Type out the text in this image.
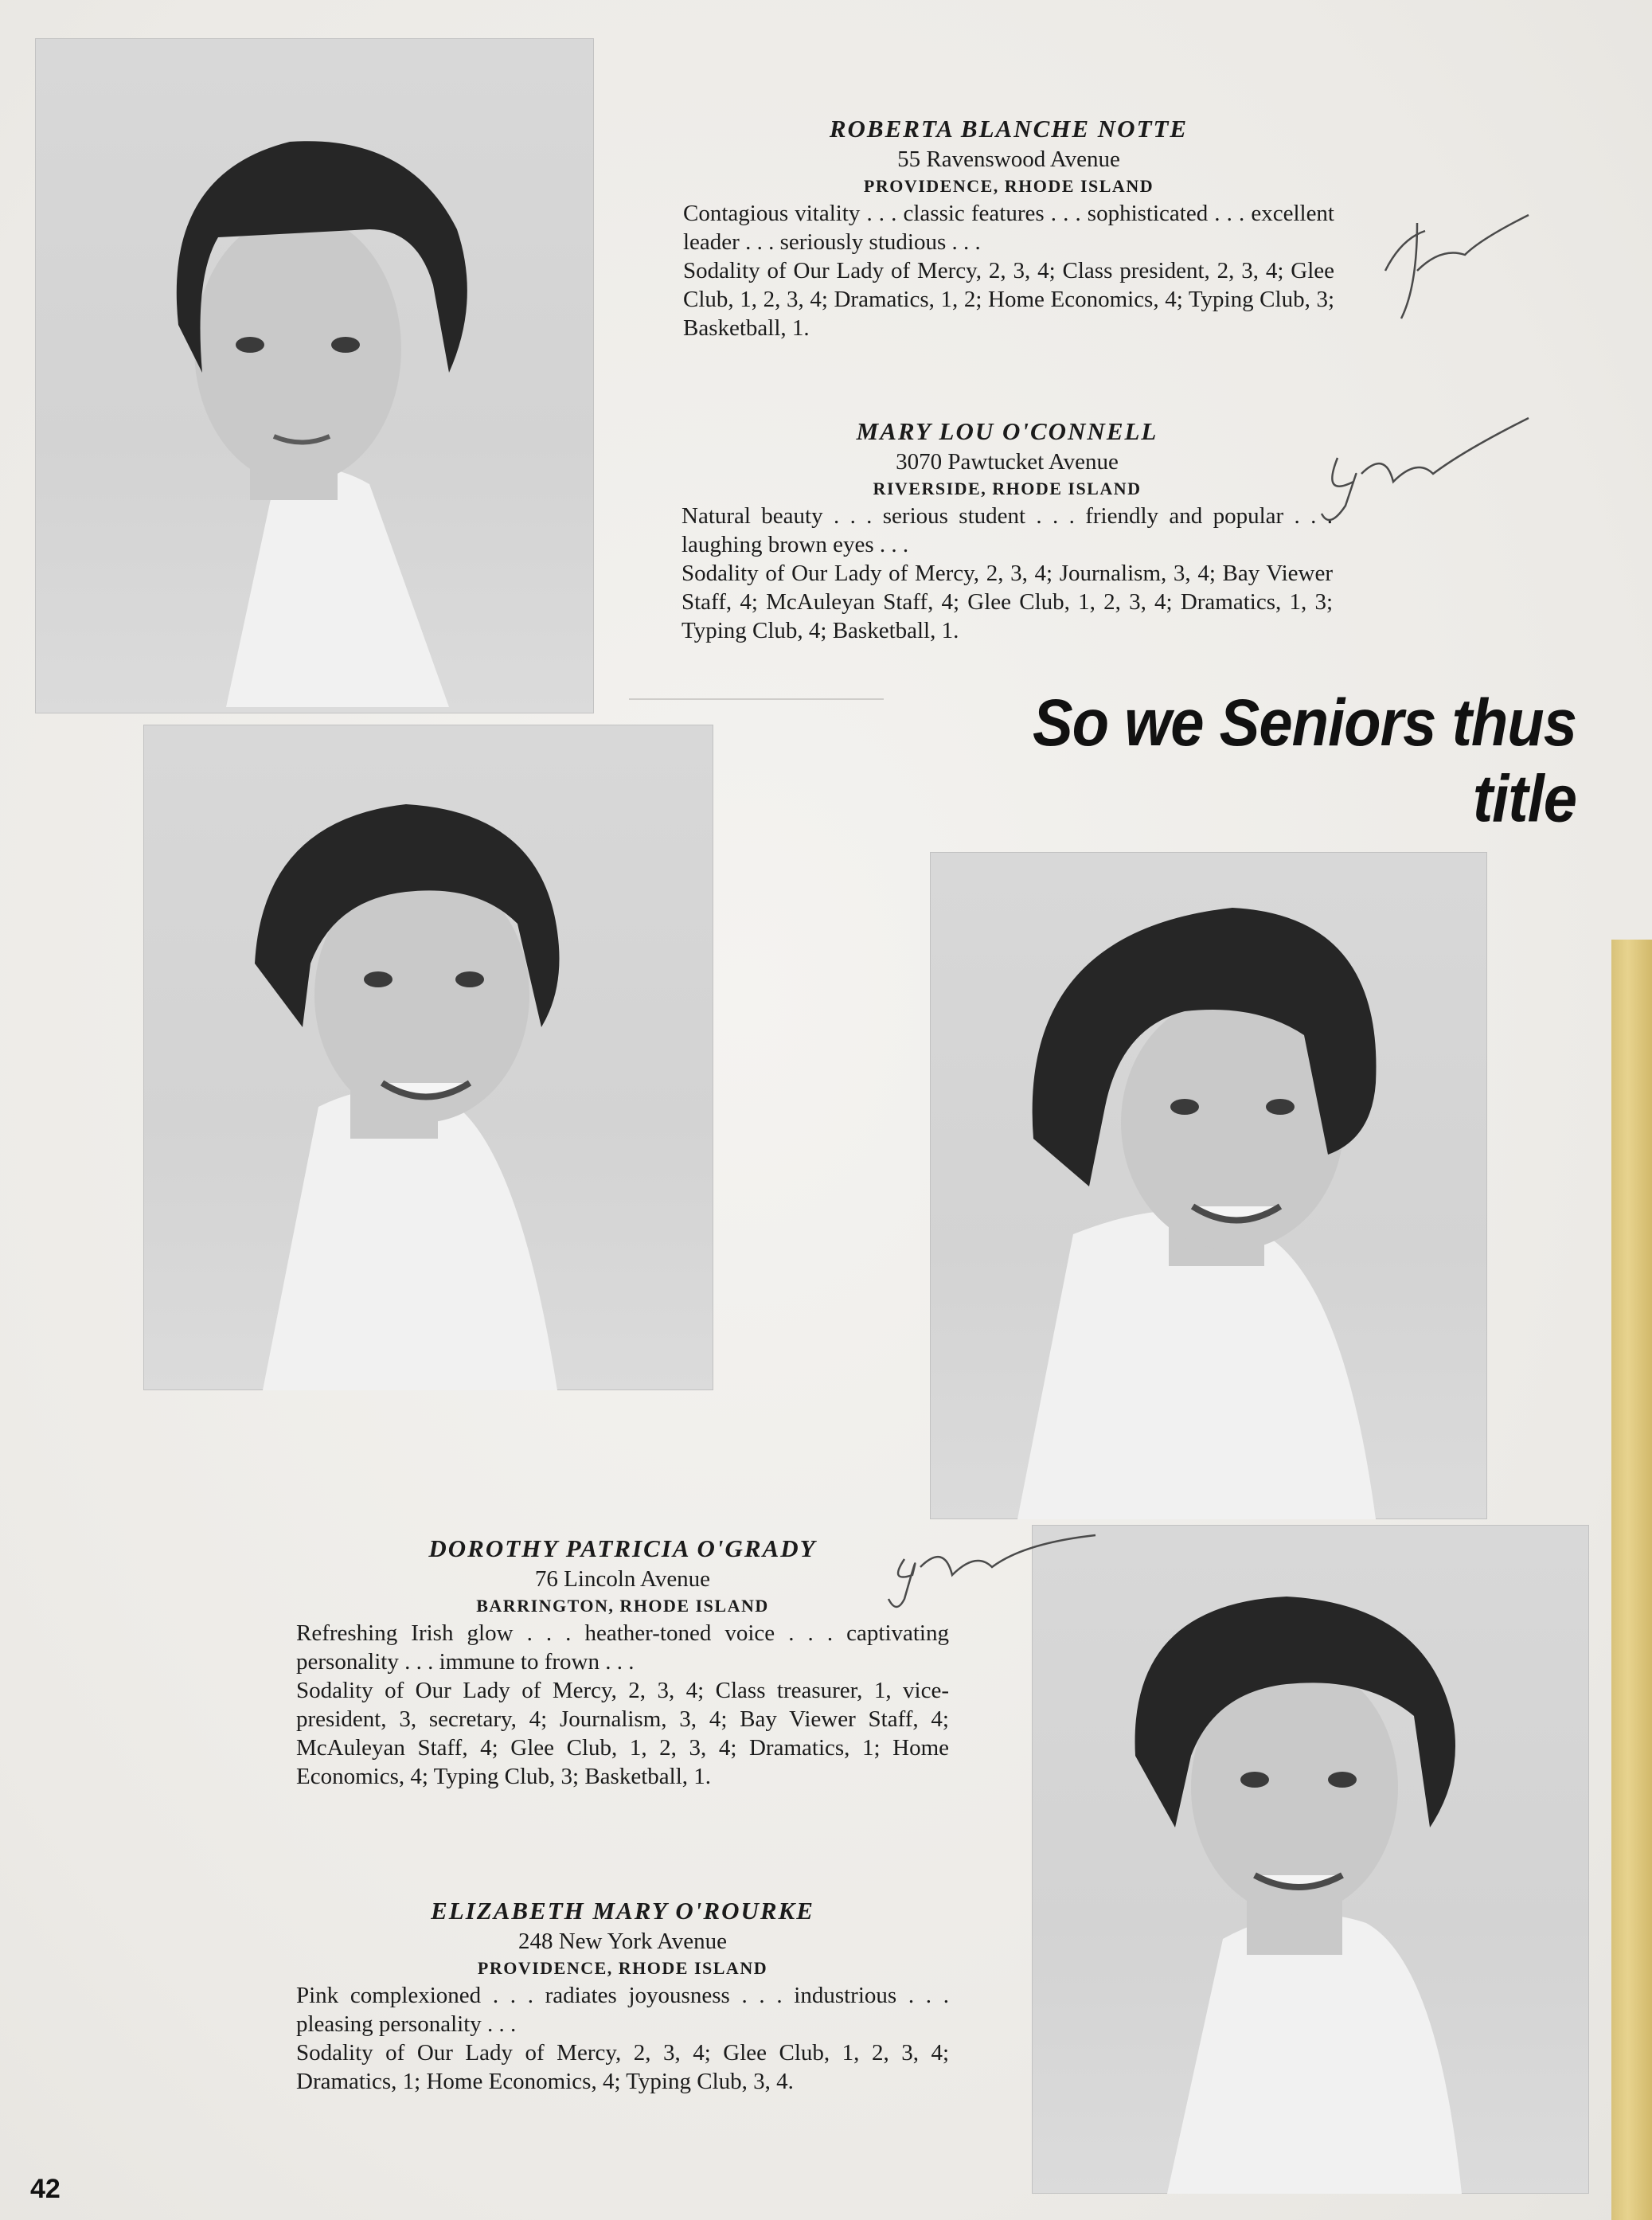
ROBERTA BLANCHE NOTTE
55 Ravenswood Avenue
PROVIDENCE, RHODE ISLAND
Contagious vitality . . . classic features . . . sophisticated . . . excellent leader . . . seriously studious . . .
Sodality of Our Lady of Mercy, 2, 3, 4; Class president, 2, 3, 4; Glee Club, 1, 2, 3, 4; Dramatics, 1, 2; Home Economics, 4; Typing Club, 3; Basketball, 1.
MARY LOU O'CONNELL
3070 Pawtucket Avenue
RIVERSIDE, RHODE ISLAND
Natural beauty . . . serious student . . . friendly and popular . . . laughing brown eyes . . .
Sodality of Our Lady of Mercy, 2, 3, 4; Journalism, 3, 4; Bay Viewer Staff, 4; McAuleyan Staff, 4; Glee Club, 1, 2, 3, 4; Dramatics, 1, 3; Typing Club, 4; Basketball, 1.
So we Seniors thus title
DOROTHY PATRICIA O'GRADY
76 Lincoln Avenue
BARRINGTON, RHODE ISLAND
Refreshing Irish glow . . . heather-toned voice . . . captivating personality . . . immune to frown . . .
Sodality of Our Lady of Mercy, 2, 3, 4; Class treasurer, 1, vice-president, 3, secretary, 4; Journalism, 3, 4; Bay Viewer Staff, 4; McAuleyan Staff, 4; Glee Club, 1, 2, 3, 4; Dramatics, 1; Home Economics, 4; Typing Club, 3; Basketball, 1.
ELIZABETH MARY O'ROURKE
248 New York Avenue
PROVIDENCE, RHODE ISLAND
Pink complexioned . . . radiates joyousness . . . industrious . . . pleasing personality . . .
Sodality of Our Lady of Mercy, 2, 3, 4; Glee Club, 1, 2, 3, 4; Dramatics, 1; Home Economics, 4; Typing Club, 3, 4.
42
